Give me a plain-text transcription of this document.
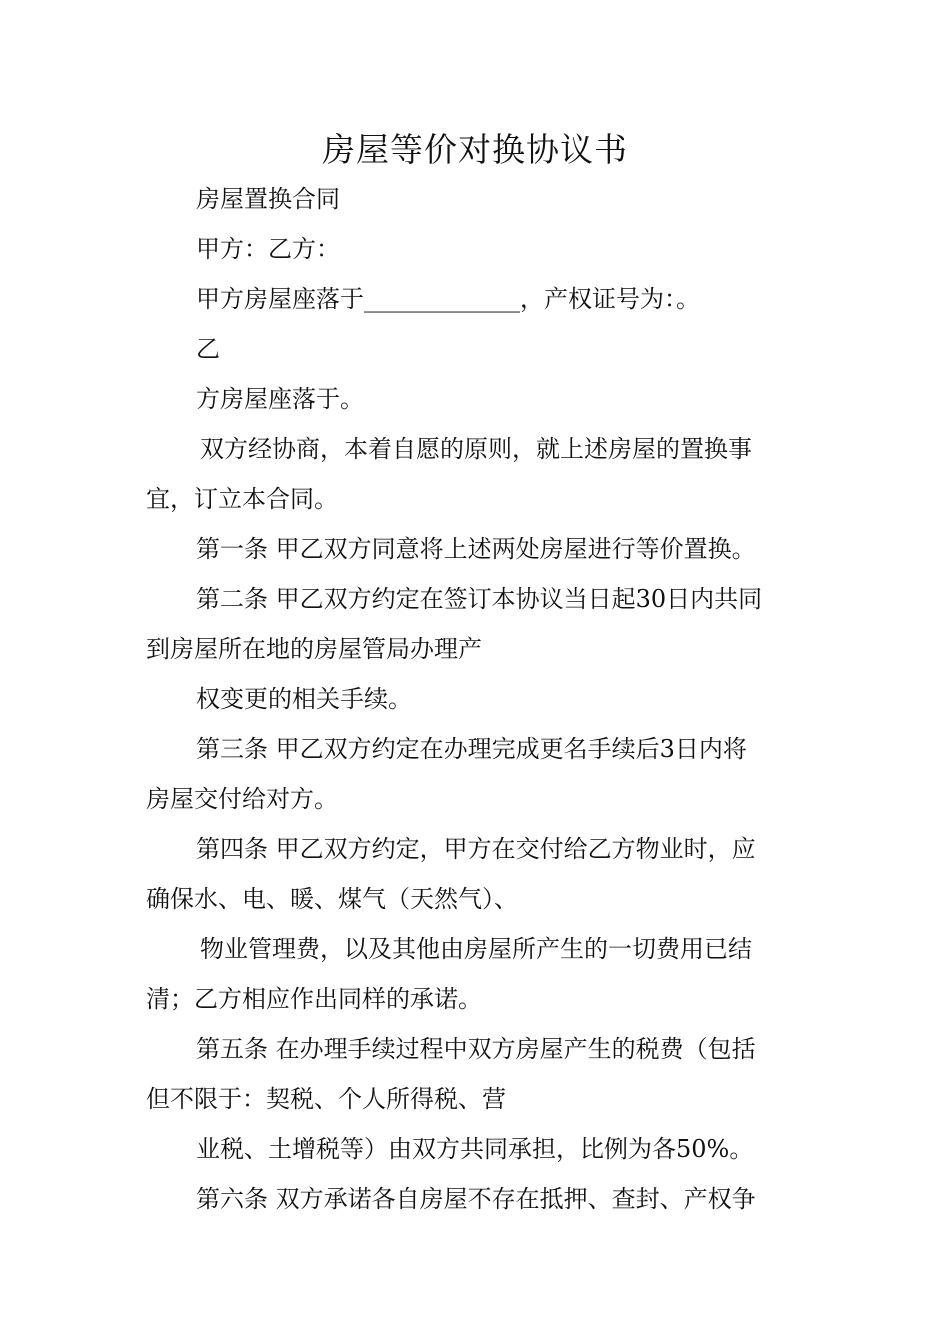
房屋等价对换协议书

房屋置换合同

甲方：乙方：

甲方房屋座落于_____________，产权证号为：。

乙

方房屋座落于。

双方经协商，本着自愿的原则，就上述房屋的置换事

宜，订立本合同。

第一条 甲乙双方同意将上述两处房屋进行等价置换。

第二条 甲乙双方约定在签订本协议当日起30日内共同

到房屋所在地的房屋管局办理产

权变更的相关手续。

第三条 甲乙双方约定在办理完成更名手续后3日内将

房屋交付给对方。

第四条 甲乙双方约定，甲方在交付给乙方物业时，应

确保水、电、暖、煤气（天然气）、

物业管理费，以及其他由房屋所产生的一切费用已结

清；乙方相应作出同样的承诺。

第五条 在办理手续过程中双方房屋产生的税费（包括

但不限于：契税、个人所得税、营

业税、土增税等）由双方共同承担，比例为各50%。

第六条 双方承诺各自房屋不存在抵押、查封、产权争
